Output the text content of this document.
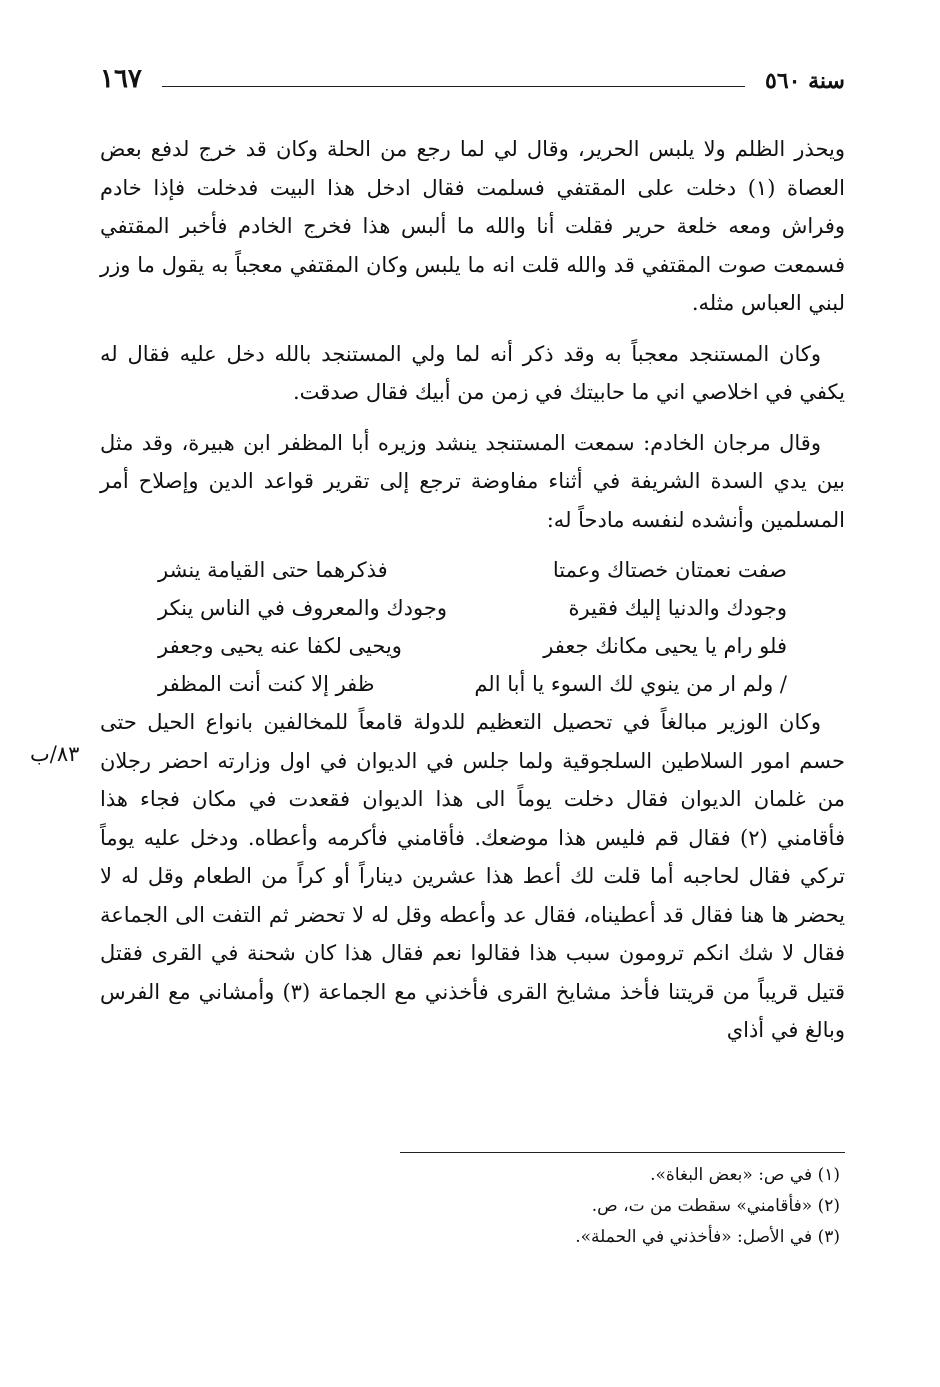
سنة ٥٦٠
١٦٧

ويحذر الظلم ولا يلبس الحرير، وقال لي لما رجع من الحلة وكان قد خرج لدفع بعض العصاة (١) دخلت على المقتفي فسلمت فقال ادخل هذا البيت فدخلت فإذا خادم وفراش ومعه خلعة حرير فقلت أنا والله ما ألبس هذا فخرج الخادم فأخبر المقتفي فسمعت صوت المقتفي قد والله قلت انه ما يلبس وكان المقتفي معجباً به يقول ما وزر لبني العباس مثله.

وكان المستنجد معجباً به وقد ذكر أنه لما ولي المستنجد بالله دخل عليه فقال له يكفي في اخلاصي اني ما حابيتك في زمن من أبيك فقال صدقت.

وقال مرجان الخادم: سمعت المستنجد ينشد وزيره أبا المظفر ابن هبيرة، وقد مثل بين يدي السدة الشريفة في أثناء مفاوضة ترجع إلى تقرير قواعد الدين وإصلاح أمر المسلمين وأنشده لنفسه مادحاً له:

صفت نعمتان خصتاك وعمتا
فذكرهما حتى القيامة ينشر
وجودك والدنيا إليك فقيرة
وجودك والمعروف في الناس ينكر
فلو رام يا يحيى مكانك جعفر
ويحيى لكفا عنه يحيى وجعفر
/ ولم ار من ينوي لك السوء يا أبا الم
ظفر إلا كنت أنت المظفر

وكان الوزير مبالغاً في تحصيل التعظيم للدولة قامعاً للمخالفين بانواع الحيل حتى حسم امور السلاطين السلجوقية ولما جلس في الديوان في اول وزارته احضر رجلان من غلمان الديوان فقال دخلت يوماً الى هذا الديوان فقعدت في مكان فجاء هذا فأقامني (٢) فقال قم فليس هذا موضعك. فأقامني فأكرمه وأعطاه. ودخل عليه يوماً تركي فقال لحاجبه أما قلت لك أعط هذا عشرين ديناراً أو كراً من الطعام وقل له لا يحضر ها هنا فقال قد أعطيناه، فقال عد وأعطه وقل له لا تحضر ثم التفت الى الجماعة فقال لا شك انكم ترومون سبب هذا فقالوا نعم فقال هذا كان شحنة في القرى فقتل قتيل قريباً من قريتنا فأخذ مشايخ القرى فأخذني مع الجماعة (٣) وأمشاني مع الفرس وبالغ في أذاي

٨٣/ب

(١) في ص: «بعض البغاة».

(٢) «فأقامني» سقطت من ت، ص.

(٣) في الأصل: «فأخذني في الحملة».
